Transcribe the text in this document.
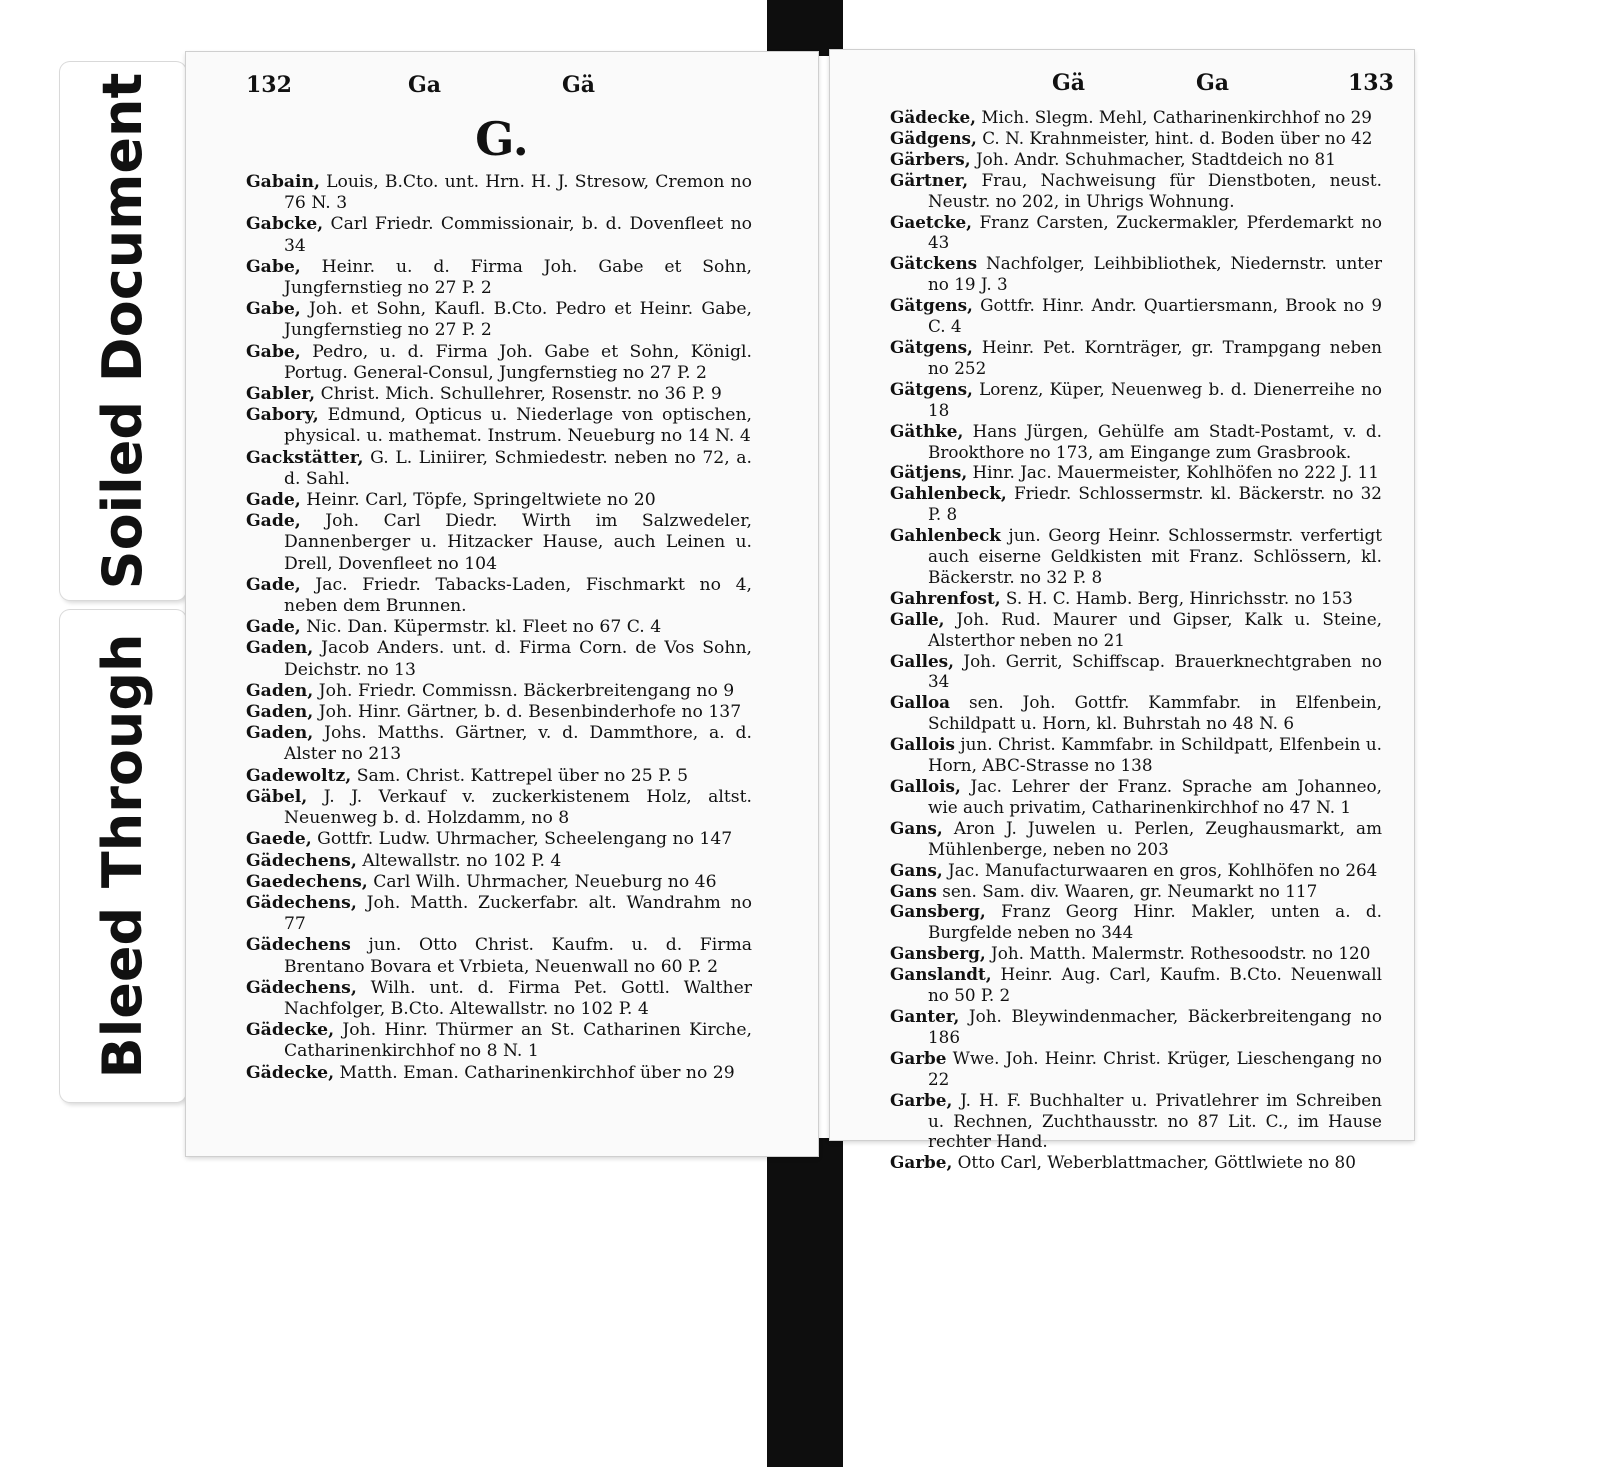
Soiled Document
Bleed Through
132	Ga	Gä
G.

Gabain, Louis, B.Cto. unt. Hrn. H. J. Stresow, Cremon no 76 N. 3

Gabcke, Carl Friedr. Commissionair, b. d. Dovenfleet no 34

Gabe, Heinr. u. d. Firma Joh. Gabe et Sohn, Jungfernstieg no 27 P. 2

Gabe, Joh. et Sohn, Kaufl. B.Cto. Pedro et Heinr. Gabe, Jungfernstieg no 27 P. 2

Gabe, Pedro, u. d. Firma Joh. Gabe et Sohn, Königl. Portug. General-Consul, Jungfernstieg no 27 P. 2

Gabler, Christ. Mich. Schullehrer, Rosenstr. no 36 P. 9

Gabory, Edmund, Opticus u. Niederlage von optischen, physical. u. mathemat. Instrum. Neueburg no 14 N. 4

Gackstätter, G. L. Liniirer, Schmiedestr. neben no 72, a. d. Sahl.

Gade, Heinr. Carl, Töpfe, Springeltwiete no 20

Gade, Joh. Carl Diedr. Wirth im Salzwedeler, Dannenberger u. Hitzacker Hause, auch Leinen u. Drell, Dovenfleet no 104

Gade, Jac. Friedr. Tabacks-Laden, Fischmarkt no 4, neben dem Brunnen.

Gade, Nic. Dan. Küpermstr. kl. Fleet no 67 C. 4

Gaden, Jacob Anders. unt. d. Firma Corn. de Vos Sohn, Deichstr. no 13

Gaden, Joh. Friedr. Commissn. Bäckerbreitengang no 9

Gaden, Joh. Hinr. Gärtner, b. d. Besenbinderhofe no 137

Gaden, Johs. Matths. Gärtner, v. d. Dammthore, a. d. Alster no 213

Gadewoltz, Sam. Christ. Kattrepel über no 25 P. 5

Gäbel, J. J. Verkauf v. zuckerkistenem Holz, altst. Neuenweg b. d. Holzdamm, no 8

Gaede, Gottfr. Ludw. Uhrmacher, Scheelengang no 147

Gädechens, Altewallstr. no 102 P. 4

Gaedechens, Carl Wilh. Uhrmacher, Neueburg no 46

Gädechens, Joh. Matth. Zuckerfabr. alt. Wandrahm no 77

Gädechens jun. Otto Christ. Kaufm. u. d. Firma Brentano Bovara et Vrbieta, Neuenwall no 60 P. 2

Gädechens, Wilh. unt. d. Firma Pet. Gottl. Walther Nachfolger, B.Cto. Altewallstr. no 102 P. 4

Gädecke, Joh. Hinr. Thürmer an St. Catharinen Kirche, Catharinenkirchhof no 8 N. 1

Gädecke, Matth. Eman. Catharinenkirchhof über no 29

Gä	Ga	133

Gädecke, Mich. Slegm. Mehl, Catharinenkirchhof no 29

Gädgens, C. N. Krahnmeister, hint. d. Boden über no 42

Gärbers, Joh. Andr. Schuhmacher, Stadtdeich no 81

Gärtner, Frau, Nachweisung für Dienstboten, neust. Neustr. no 202, in Uhrigs Wohnung.

Gaetcke, Franz Carsten, Zuckermakler, Pferdemarkt no 43

Gätckens Nachfolger, Leihbibliothek, Niedernstr. unter no 19 J. 3

Gätgens, Gottfr. Hinr. Andr. Quartiersmann, Brook no 9 C. 4

Gätgens, Heinr. Pet. Kornträger, gr. Trampgang neben no 252

Gätgens, Lorenz, Küper, Neuenweg b. d. Dienerreihe no 18

Gäthke, Hans Jürgen, Gehülfe am Stadt-Postamt, v. d. Brookthore no 173, am Eingange zum Grasbrook.

Gätjens, Hinr. Jac. Mauermeister, Kohlhöfen no 222 J. 11

Gahlenbeck, Friedr. Schlossermstr. kl. Bäckerstr. no 32 P. 8

Gahlenbeck jun. Georg Heinr. Schlossermstr. verfertigt auch eiserne Geldkisten mit Franz. Schlössern, kl. Bäckerstr. no 32 P. 8

Gahrenfost, S. H. C. Hamb. Berg, Hinrichsstr. no 153

Galle, Joh. Rud. Maurer und Gipser, Kalk u. Steine, Alsterthor neben no 21

Galles, Joh. Gerrit, Schiffscap. Brauerknechtgraben no 34

Galloa sen. Joh. Gottfr. Kammfabr. in Elfenbein, Schildpatt u. Horn, kl. Buhrstah no 48 N. 6

Gallois jun. Christ. Kammfabr. in Schildpatt, Elfenbein u. Horn, ABC-Strasse no 138

Gallois, Jac. Lehrer der Franz. Sprache am Johanneo, wie auch privatim, Catharinenkirchhof no 47 N. 1

Gans, Aron J. Juwelen u. Perlen, Zeughausmarkt, am Mühlenberge, neben no 203

Gans, Jac. Manufacturwaaren en gros, Kohlhöfen no 264

Gans sen. Sam. div. Waaren, gr. Neumarkt no 117

Gansberg, Franz Georg Hinr. Makler, unten a. d. Burgfelde neben no 344

Gansberg, Joh. Matth. Malermstr. Rothesoodstr. no 120

Ganslandt, Heinr. Aug. Carl, Kaufm. B.Cto. Neuenwall no 50 P. 2

Ganter, Joh. Bleywindenmacher, Bäckerbreitengang no 186

Garbe Wwe. Joh. Heinr. Christ. Krüger, Lieschengang no 22

Garbe, J. H. F. Buchhalter u. Privatlehrer im Schreiben u. Rechnen, Zuchthausstr. no 87 Lit. C., im Hause rechter Hand.

Garbe, Otto Carl, Weberblattmacher, Göttlwiete no 80
